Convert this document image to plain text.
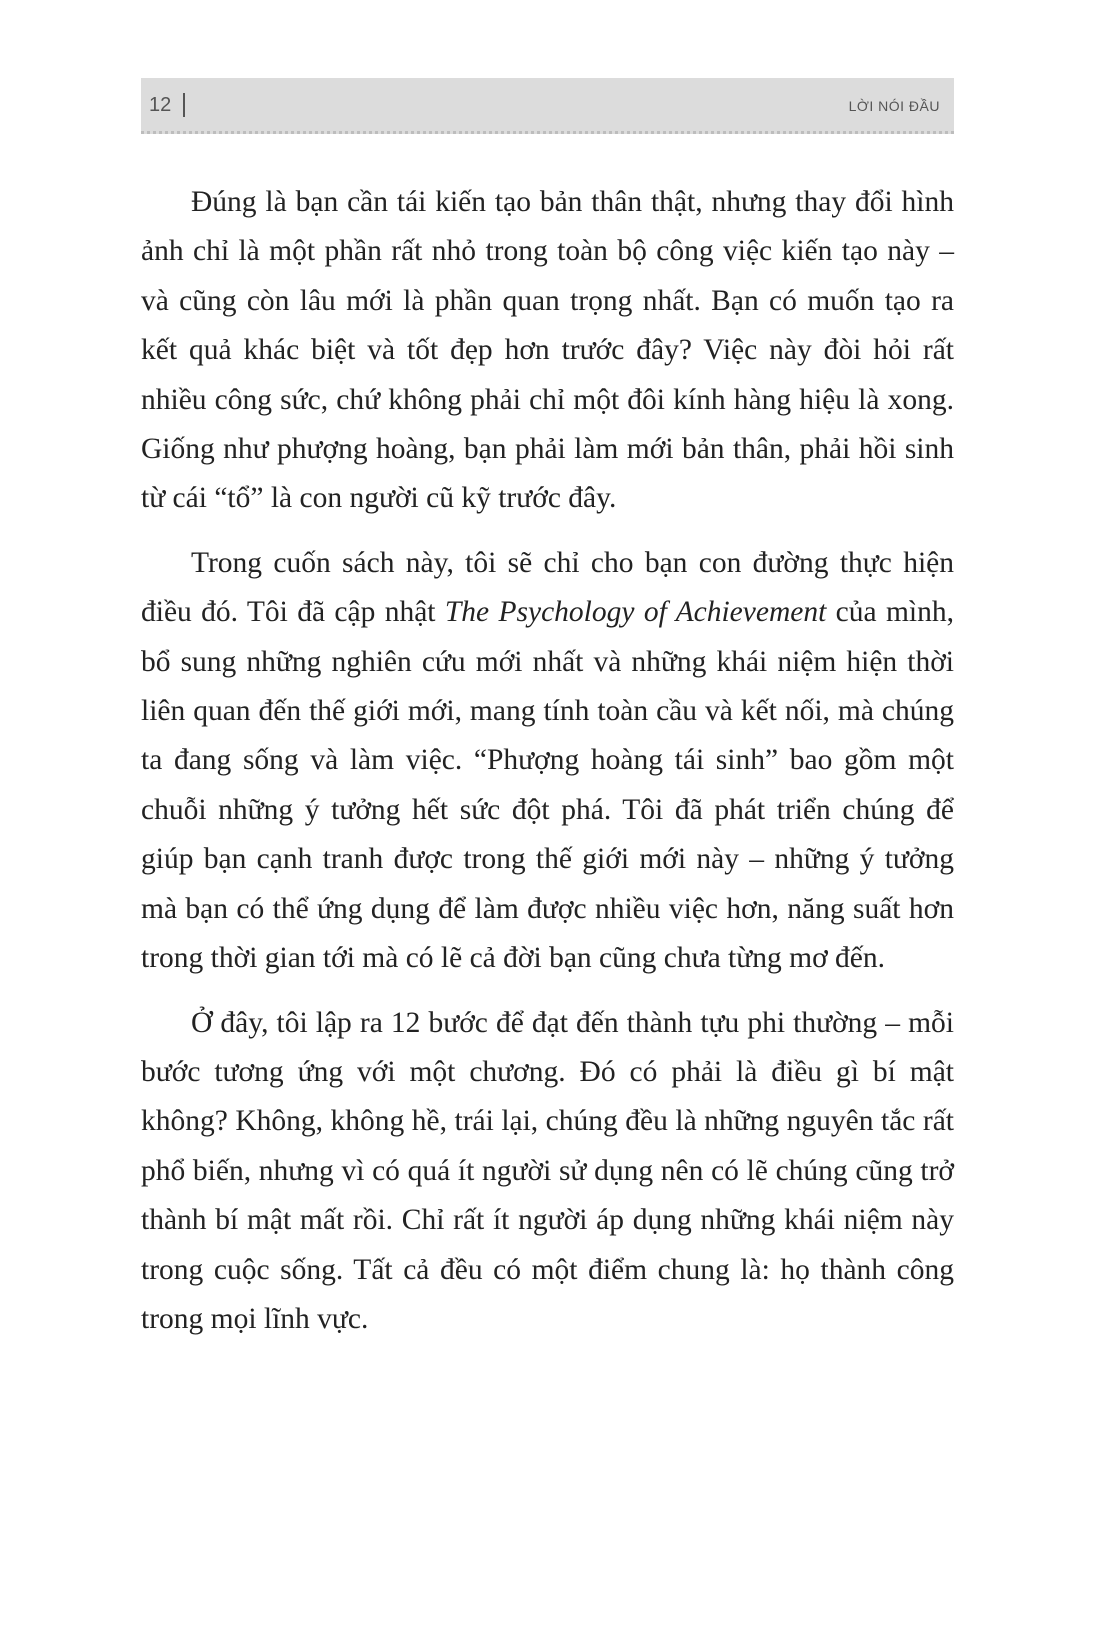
12	LỜI NÓI ĐẦU

Đúng là bạn cần tái kiến tạo bản thân thật, nhưng thay đổi hình ảnh chỉ là một phần rất nhỏ trong toàn bộ công việc kiến tạo này – và cũng còn lâu mới là phần quan trọng nhất. Bạn có muốn tạo ra kết quả khác biệt và tốt đẹp hơn trước đây? Việc này đòi hỏi rất nhiều công sức, chứ không phải chỉ một đôi kính hàng hiệu là xong. Giống như phượng hoàng, bạn phải làm mới bản thân, phải hồi sinh từ cái “tổ” là con người cũ kỹ trước đây.

Trong cuốn sách này, tôi sẽ chỉ cho bạn con đường thực hiện điều đó. Tôi đã cập nhật The Psychology of Achievement của mình, bổ sung những nghiên cứu mới nhất và những khái niệm hiện thời liên quan đến thế giới mới, mang tính toàn cầu và kết nối, mà chúng ta đang sống và làm việc. “Phượng hoàng tái sinh” bao gồm một chuỗi những ý tưởng hết sức đột phá. Tôi đã phát triển chúng để giúp bạn cạnh tranh được trong thế giới mới này – những ý tưởng mà bạn có thể ứng dụng để làm được nhiều việc hơn, năng suất hơn trong thời gian tới mà có lẽ cả đời bạn cũng chưa từng mơ đến.

Ở đây, tôi lập ra 12 bước để đạt đến thành tựu phi thường – mỗi bước tương ứng với một chương. Đó có phải là điều gì bí mật không? Không, không hề, trái lại, chúng đều là những nguyên tắc rất phổ biến, nhưng vì có quá ít người sử dụng nên có lẽ chúng cũng trở thành bí mật mất rồi. Chỉ rất ít người áp dụng những khái niệm này trong cuộc sống. Tất cả đều có một điểm chung là: họ thành công trong mọi lĩnh vực.
